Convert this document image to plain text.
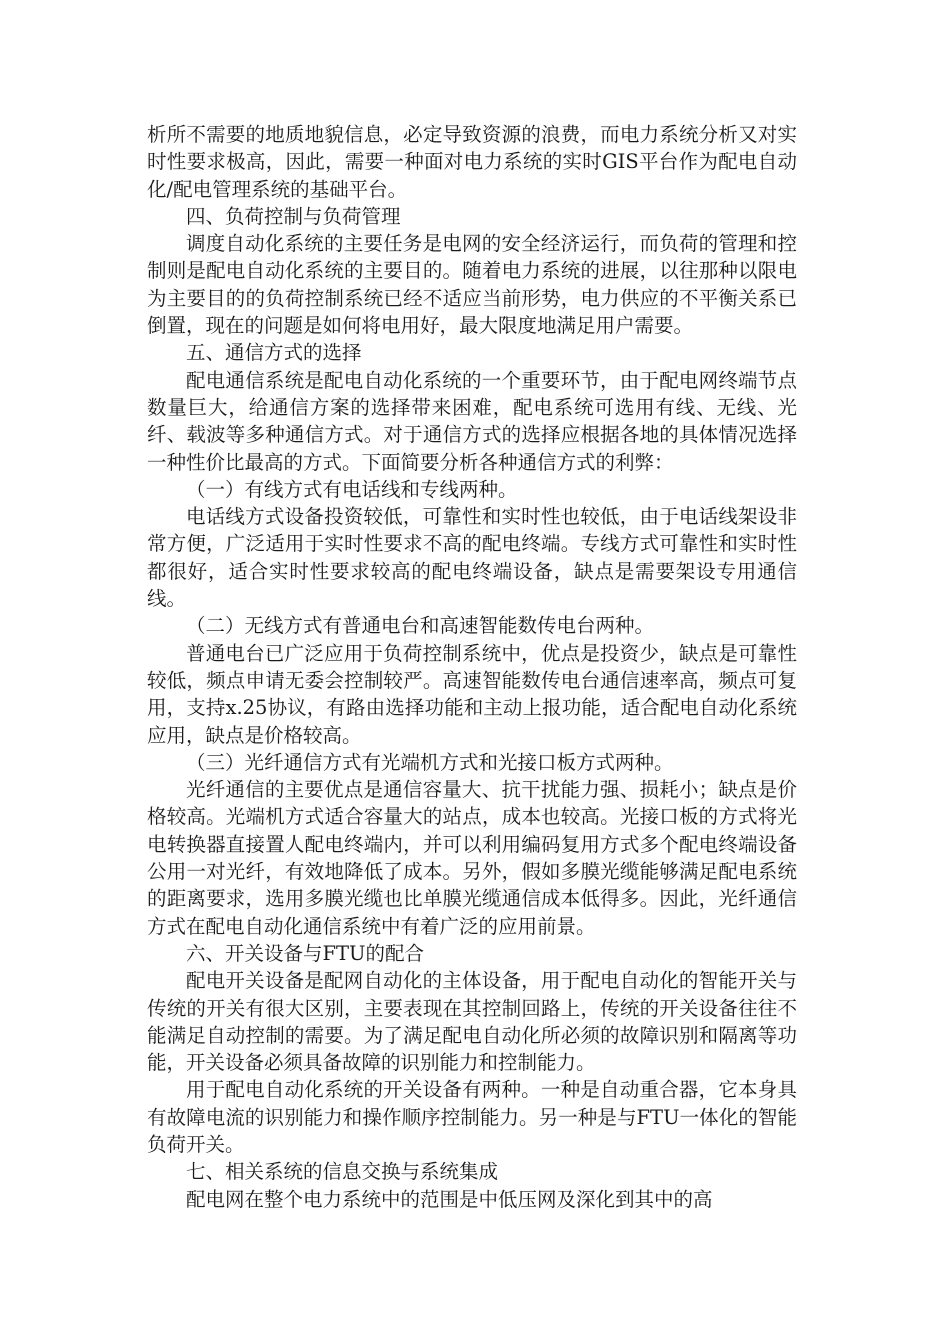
析所不需要的地质地貌信息，必定导致资源的浪费，而电力系统分析又对实时性要求极高，因此，需要一种面对电力系统的实时GIS平台作为配电自动化/配电管理系统的基础平台。

四、负荷控制与负荷管理

调度自动化系统的主要任务是电网的安全经济运行，而负荷的管理和控制则是配电自动化系统的主要目的。随着电力系统的进展，以往那种以限电为主要目的的负荷控制系统已经不适应当前形势，电力供应的不平衡关系已倒置，现在的问题是如何将电用好，最大限度地满足用户需要。

五、通信方式的选择

配电通信系统是配电自动化系统的一个重要环节，由于配电网终端节点数量巨大，给通信方案的选择带来困难，配电系统可选用有线、无线、光纤、载波等多种通信方式。对于通信方式的选择应根据各地的具体情况选择一种性价比最高的方式。下面简要分析各种通信方式的利弊：

（一）有线方式有电话线和专线两种。

电话线方式设备投资较低，可靠性和实时性也较低，由于电话线架设非常方便，广泛适用于实时性要求不高的配电终端。专线方式可靠性和实时性都很好，适合实时性要求较高的配电终端设备，缺点是需要架设专用通信线。

（二）无线方式有普通电台和高速智能数传电台两种。

普通电台已广泛应用于负荷控制系统中，优点是投资少，缺点是可靠性较低，频点申请无委会控制较严。高速智能数传电台通信速率高，频点可复用，支持x.25协议，有路由选择功能和主动上报功能，适合配电自动化系统应用，缺点是价格较高。

（三）光纤通信方式有光端机方式和光接口板方式两种。

光纤通信的主要优点是通信容量大、抗干扰能力强、损耗小；缺点是价格较高。光端机方式适合容量大的站点，成本也较高。光接口板的方式将光电转换器直接置人配电终端内，并可以利用编码复用方式多个配电终端设备公用一对光纤，有效地降低了成本。另外，假如多膜光缆能够满足配电系统的距离要求，选用多膜光缆也比单膜光缆通信成本低得多。因此，光纤通信方式在配电自动化通信系统中有着广泛的应用前景。

六、开关设备与FTU的配合

配电开关设备是配网自动化的主体设备，用于配电自动化的智能开关与传统的开关有很大区别，主要表现在其控制回路上，传统的开关设备往往不能满足自动控制的需要。为了满足配电自动化所必须的故障识别和隔离等功能，开关设备必须具备故障的识别能力和控制能力。

用于配电自动化系统的开关设备有两种。一种是自动重合器，它本身具有故障电流的识别能力和操作顺序控制能力。另一种是与FTU一体化的智能负荷开关。

七、相关系统的信息交换与系统集成

配电网在整个电力系统中的范围是中低压网及深化到其中的高
